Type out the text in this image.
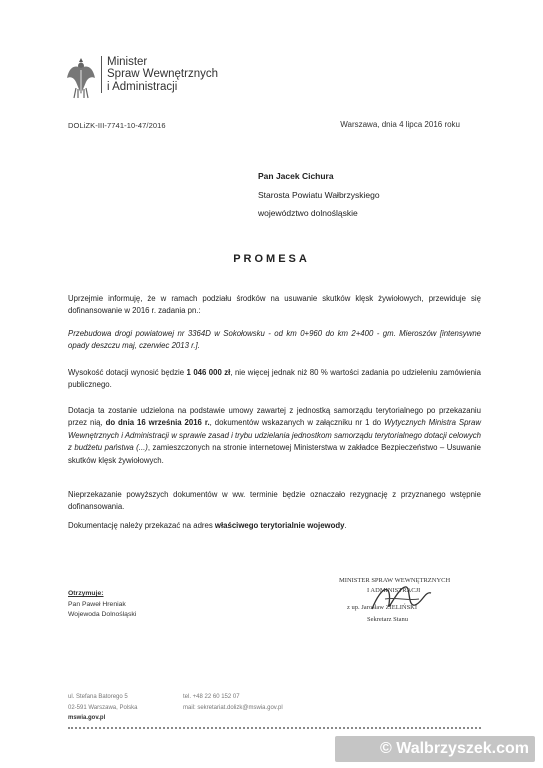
Minister
Spraw Wewnętrznych
i Administracji
DOLiZK-III-7741-10-47/2016	Warszawa, dnia 4 lipca 2016 roku
Pan Jacek Cichura
Starosta Powiatu Wałbrzyskiego
województwo dolnośląskie
PROMESA
Uprzejmie informuję, że w ramach podziału środków na usuwanie skutków klęsk żywiołowych, przewiduje się dofinansowanie w 2016 r. zadania pn.:
Przebudowa drogi powiatowej nr 3364D w Sokołowsku - od km 0+960 do km 2+400 - gm. Mieroszów [intensywne opady deszczu maj, czerwiec 2013 r.].
Wysokość dotacji wynosić będzie 1 046 000 zł, nie więcej jednak niż 80 % wartości zadania po udzieleniu zamówienia publicznego.
Dotacja ta zostanie udzielona na podstawie umowy zawartej z jednostką samorządu terytorialnego po przekazaniu przez nią, do dnia 16 września 2016 r., dokumentów wskazanych w załączniku nr 1 do Wytycznych Ministra Spraw Wewnętrznych i Administracji w sprawie zasad i trybu udzielania jednostkom samorządu terytorialnego dotacji celowych z budżetu państwa (...), zamieszczonych na stronie internetowej Ministerstwa w zakładce Bezpieczeństwo – Usuwanie skutków klęsk żywiołowych.
Nieprzekazanie powyższych dokumentów w ww. terminie będzie oznaczało rezygnację z przyznanego wstępnie dofinansowania.
Dokumentację należy przekazać na adres właściwego terytorialnie wojewody.
Otrzymuje:
Pan Paweł Hreniak
Wojewoda Dolnośląski
MINISTER SPRAW WEWNĘTRZNYCH
I ADMINISTRACJI
z up. Jarosław ZIELIŃSKI
Sekretarz Stanu
ul. Stefana Batorego 5
02-591 Warszawa, Polska
mswia.gov.pl
tel. +48 22 60 152 07
mail: sekretariat.dolizk@mswia.gov.pl
© Walbrzyszek.com
